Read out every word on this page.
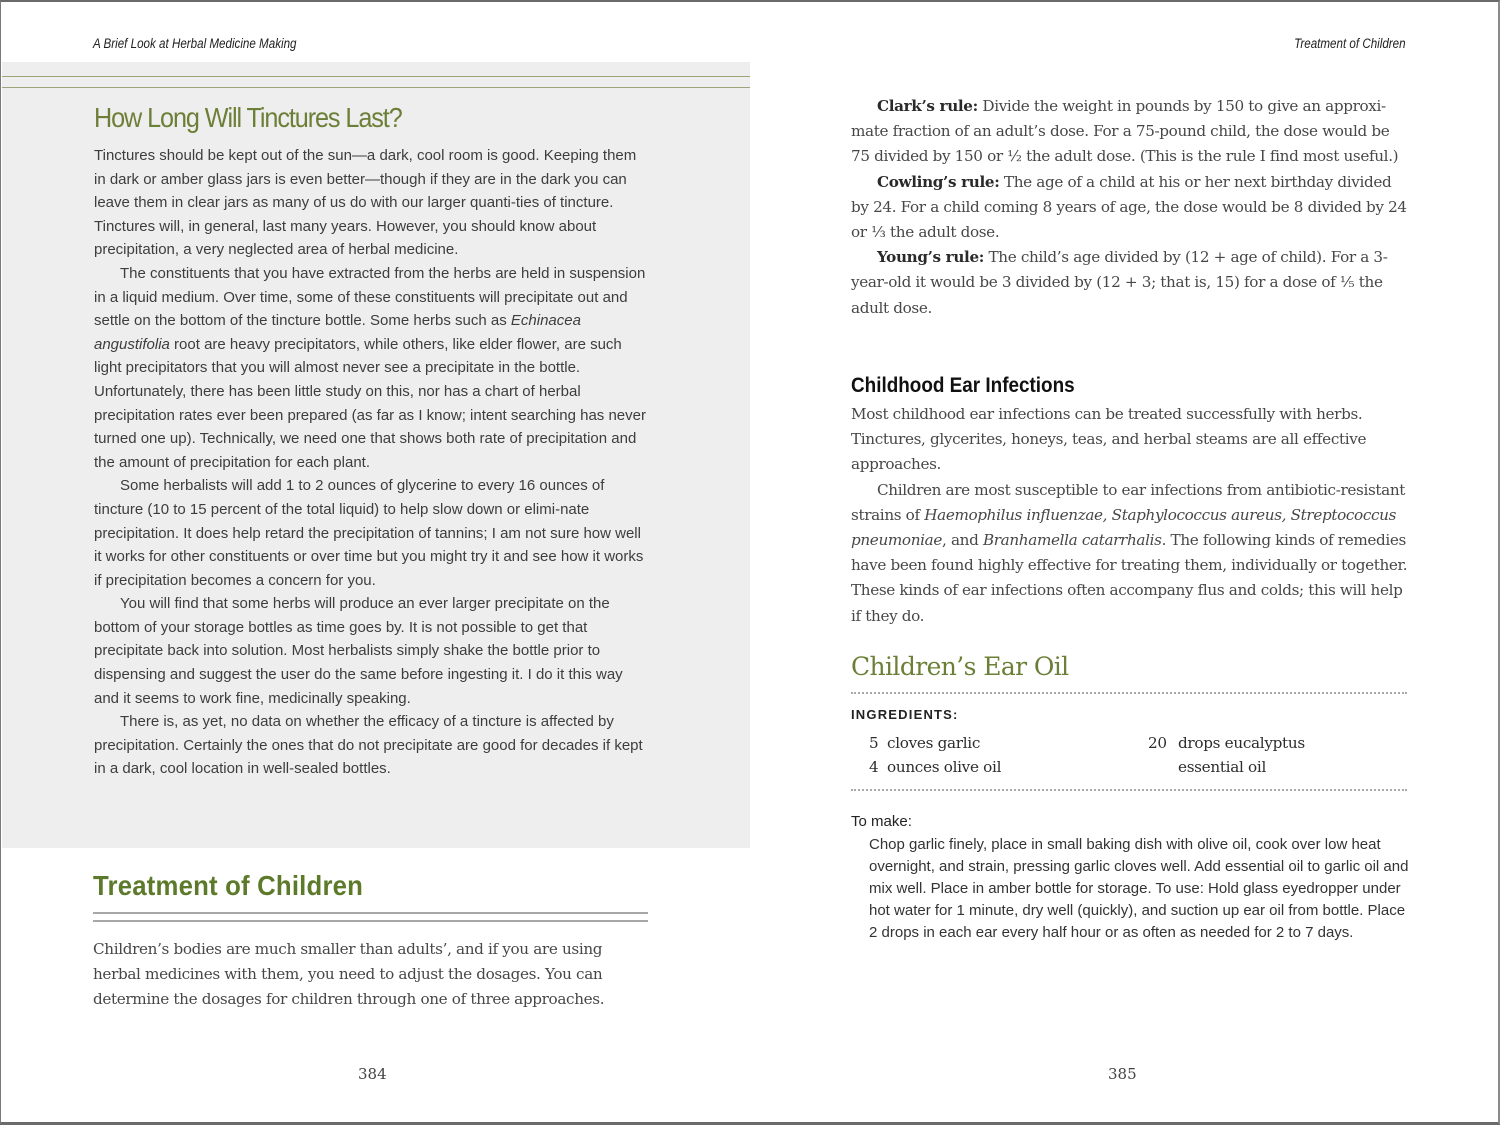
A Brief Look at Herbal Medicine Making
How Long Will Tinctures Last?

Tinctures should be kept out of the sun—a dark, cool room is good. Keeping them in dark or amber glass jars is even better—though if they are in the dark you can leave them in clear jars as many of us do with our larger quanti-ties of tincture. Tinctures will, in general, last many years. However, you should know about precipitation, a very neglected area of herbal medicine.

The constituents that you have extracted from the herbs are held in suspension in a liquid medium. Over time, some of these constituents will precipitate out and settle on the bottom of the tincture bottle. Some herbs such as Echinacea angustifolia root are heavy precipitators, while others, like elder flower, are such light precipitators that you will almost never see a precipitate in the bottle. Unfortunately, there has been little study on this, nor has a chart of herbal precipitation rates ever been prepared (as far as I know; intent searching has never turned one up). Technically, we need one that shows both rate of precipitation and the amount of precipitation for each plant.

Some herbalists will add 1 to 2 ounces of glycerine to every 16 ounces of tincture (10 to 15 percent of the total liquid) to help slow down or elimi-nate precipitation. It does help retard the precipitation of tannins; I am not sure how well it works for other constituents or over time but you might try it and see how it works if precipitation becomes a concern for you.

You will find that some herbs will produce an ever larger precipitate on the bottom of your storage bottles as time goes by. It is not possible to get that precipitate back into solution. Most herbalists simply shake the bottle prior to dispensing and suggest the user do the same before ingesting it. I do it this way and it seems to work fine, medicinally speaking.

There is, as yet, no data on whether the efficacy of a tincture is affected by precipitation. Certainly the ones that do not precipitate are good for decades if kept in a dark, cool location in well-sealed bottles.

Treatment of Children

Children’s bodies are much smaller than adults’, and if you are using herbal medicines with them, you need to adjust the dosages. You can determine the dosages for children through one of three approaches.

384
Treatment of Children

Clark’s rule: Divide the weight in pounds by 150 to give an approxi-mate fraction of an adult’s dose. For a 75-pound child, the dose would be 75 divided by 150 or ½ the adult dose. (This is the rule I find most useful.)

Cowling’s rule: The age of a child at his or her next birthday divided by 24. For a child coming 8 years of age, the dose would be 8 divided by 24 or ⅓ the adult dose.

Young’s rule: The child’s age divided by (12 + age of child). For a 3-year-old it would be 3 divided by (12 + 3; that is, 15) for a dose of ⅕ the adult dose.

Childhood Ear Infections

Most childhood ear infections can be treated successfully with herbs. Tinctures, glycerites, honeys, teas, and herbal steams are all effective approaches.

Children are most susceptible to ear infections from antibiotic-resistant strains of Haemophilus influenzae, Staphylococcus aureus, Streptococcus pneumoniae, and Branhamella catarrhalis. The following kinds of remedies have been found highly effective for treating them, individually or together. These kinds of ear infections often accompany flus and colds; this will help if they do.

Children’s Ear Oil
INGREDIENTS:
5 cloves garlic
4 ounces olive oil
20 drops eucalyptus essential oil
To make:

Chop garlic finely, place in small baking dish with olive oil, cook over low heat overnight, and strain, pressing garlic cloves well. Add essential oil to garlic oil and mix well. Place in amber bottle for storage. To use: Hold glass eyedropper under hot water for 1 minute, dry well (quickly), and suction up ear oil from bottle. Place 2 drops in each ear every half hour or as often as needed for 2 to 7 days.

385
